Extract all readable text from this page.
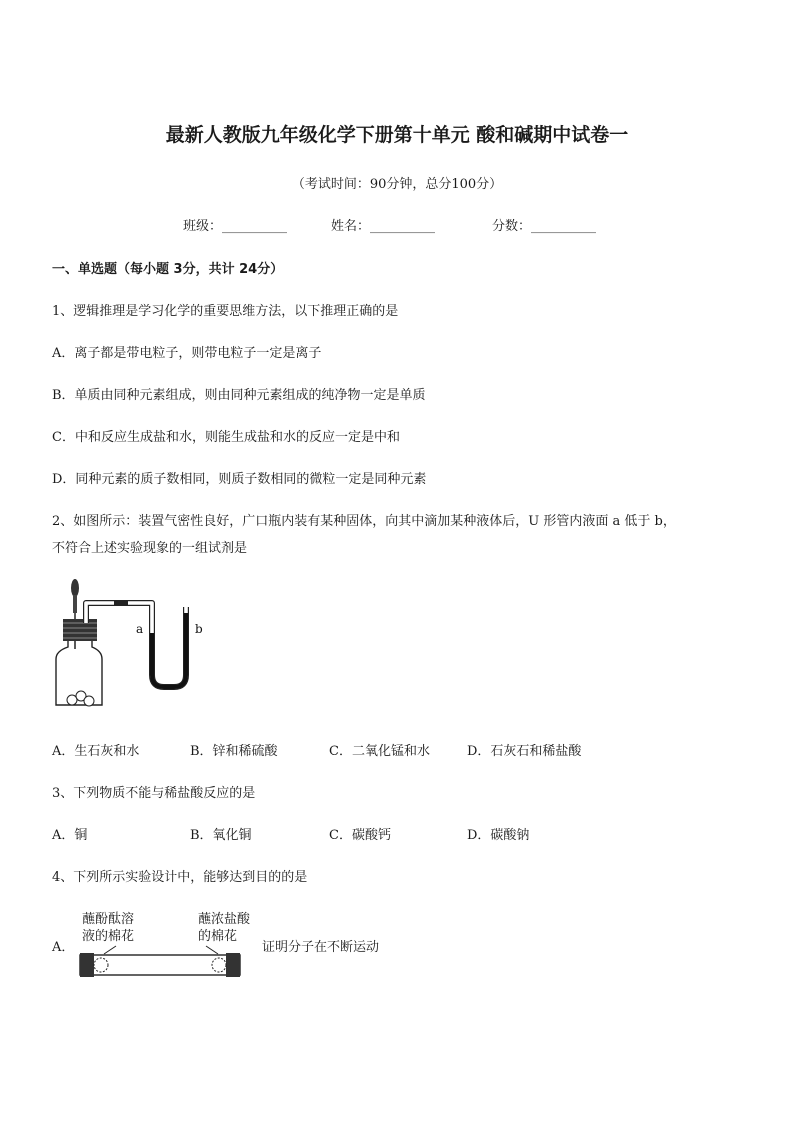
最新人教版九年级化学下册第十单元 酸和碱期中试卷一
（考试时间：90分钟，总分100分）
班级：__________	姓名：__________	分数：__________
一、单选题（每小题 3分，共计 24分）
1、逻辑推理是学习化学的重要思维方法，以下推理正确的是
A．离子都是带电粒子，则带电粒子一定是离子
B．单质由同种元素组成，则由同种元素组成的纯净物一定是单质
C．中和反应生成盐和水，则能生成盐和水的反应一定是中和
D．同种元素的质子数相同，则质子数相同的微粒一定是同种元素
2、如图所示：装置气密性良好，广口瓶内装有某种固体，向其中滴加某种液体后，U 形管内液面 a 低于 b，
不符合上述实验现象的一组试剂是
a	b
A．生石灰和水	B．锌和稀硫酸	C．二氧化锰和水	D．石灰石和稀盐酸
3、下列物质不能与稀盐酸反应的是
A．铜	B．氧化铜	C．碳酸钙	D．碳酸钠
4、下列所示实验设计中，能够达到目的的是
A．
蘸酚酞溶
液的棉花
蘸浓盐酸
的棉花
证明分子在不断运动
